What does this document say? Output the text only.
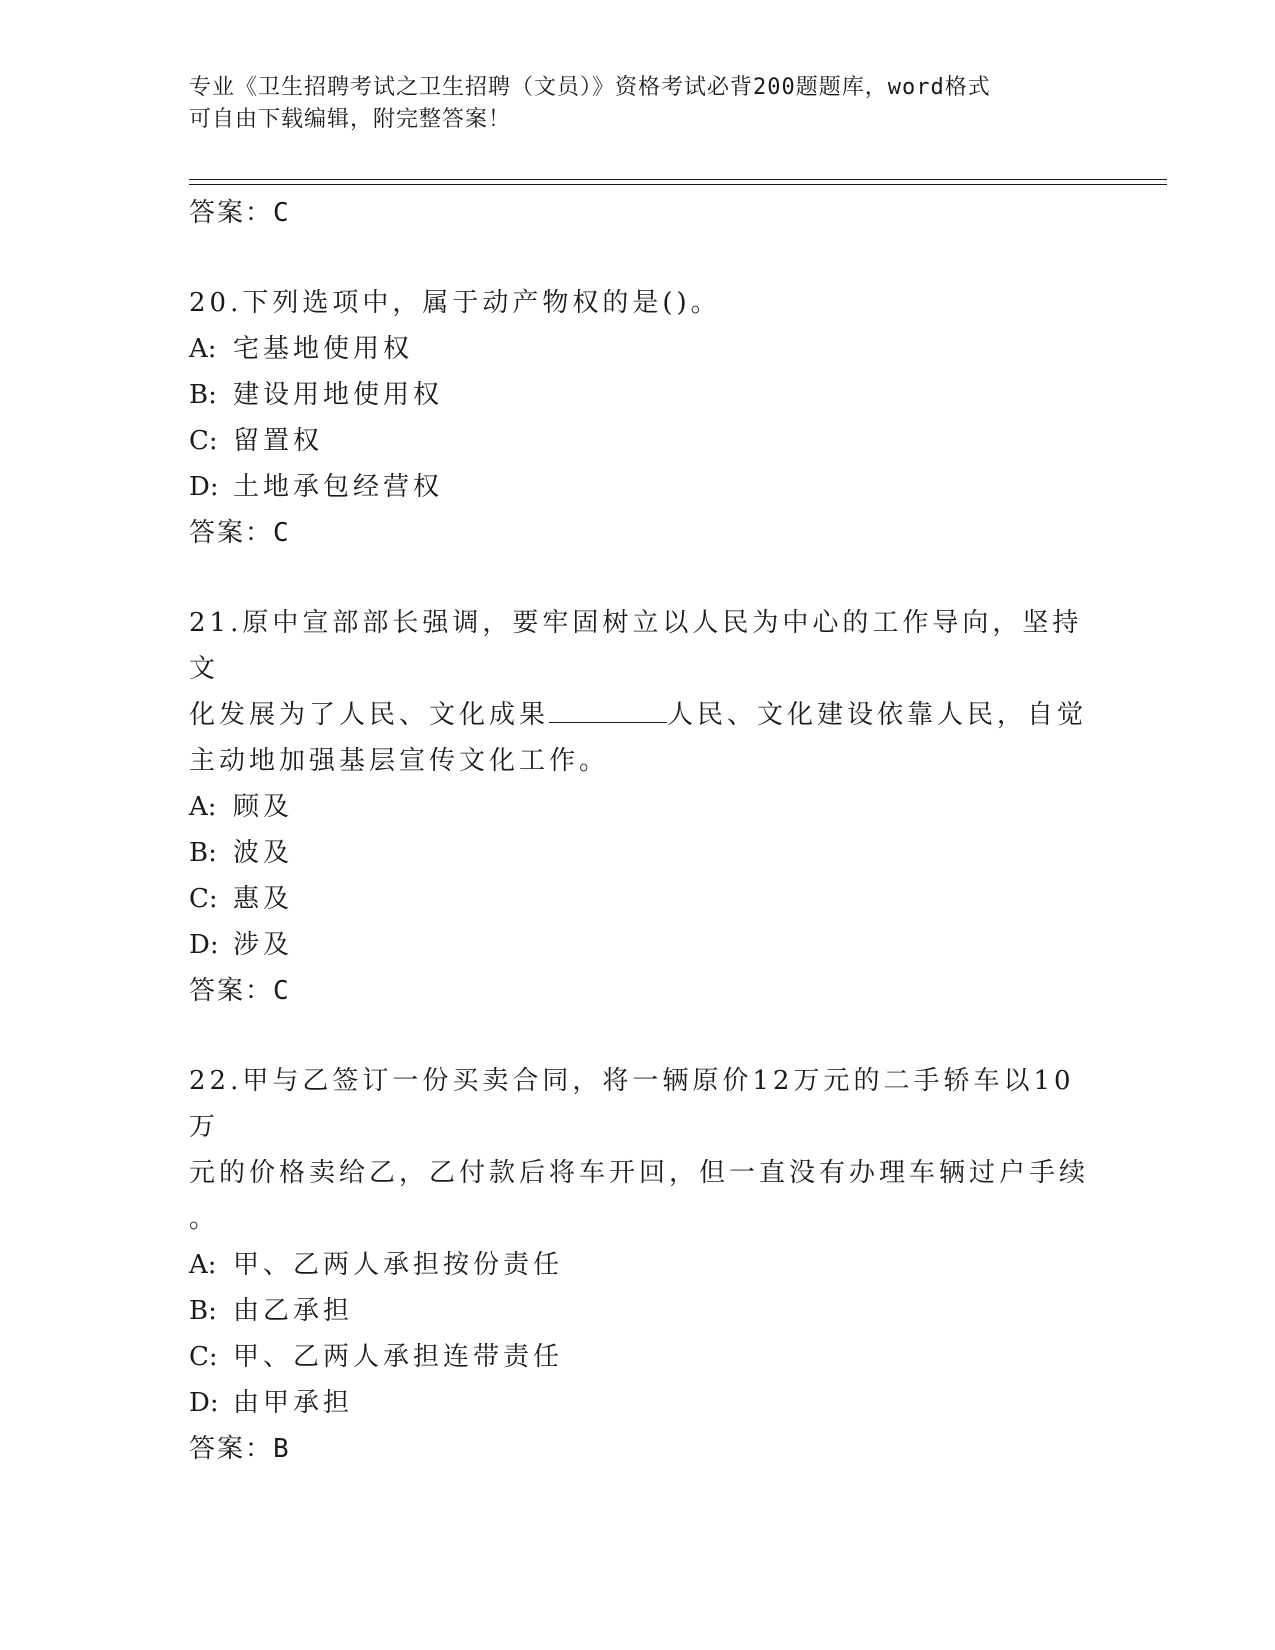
专业《卫生招聘考试之卫生招聘（文员）》资格考试必背200题题库，word格式
可自由下载编辑，附完整答案！
答案：C
20.下列选项中，属于动产物权的是()。
A: 宅基地使用权
B: 建设用地使用权
C: 留置权
D: 土地承包经营权
答案：C
21.原中宣部部长强调，要牢固树立以人民为中心的工作导向，坚持文
化发展为了人民、文化成果	人民、文化建设依靠人民，自觉
主动地加强基层宣传文化工作。
A: 顾及
B: 波及
C: 惠及
D: 涉及
答案：C
22.甲与乙签订一份买卖合同，将一辆原价12万元的二手轿车以10万
元的价格卖给乙，乙付款后将车开回，但一直没有办理车辆过户手续
。
A: 甲、乙两人承担按份责任
B: 由乙承担
C: 甲、乙两人承担连带责任
D: 由甲承担
答案：B
